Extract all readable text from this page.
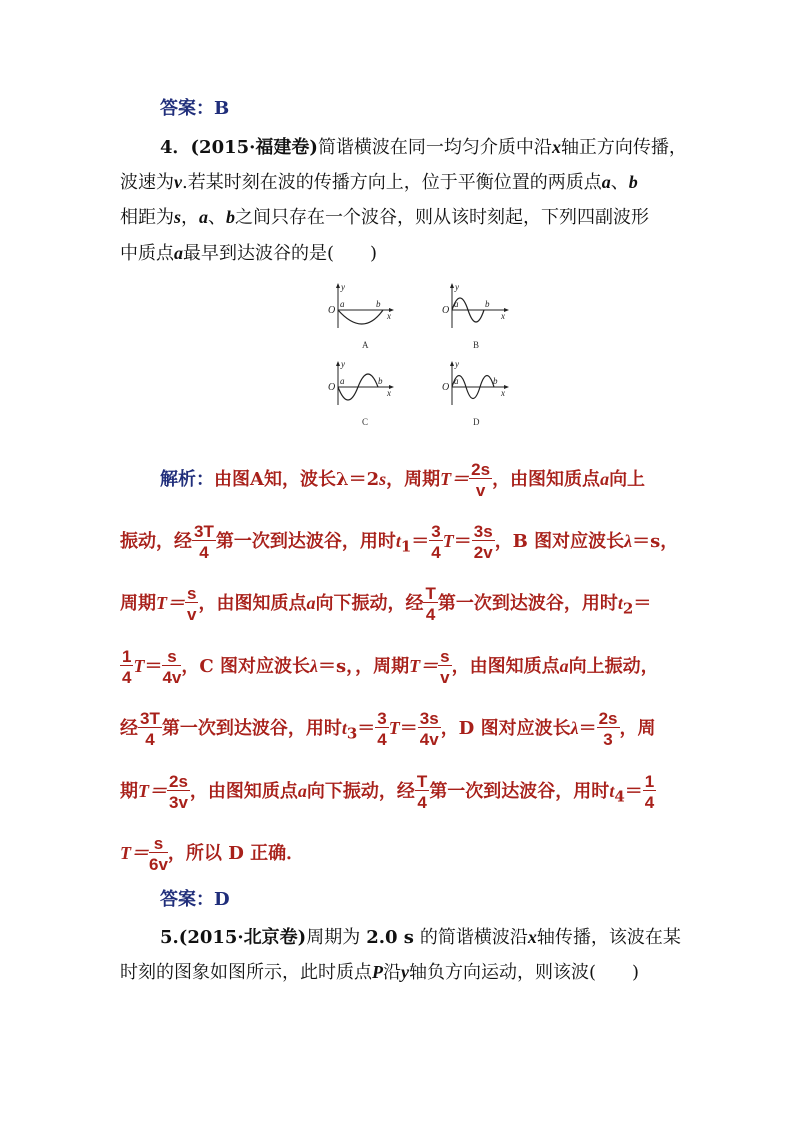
答案：B
4．(2015·福建卷)简谐横波在同一均匀介质中沿x轴正方向传播，
波速为v.若某时刻在波的传播方向上，位于平衡位置的两质点a、b
相距为s，a、b之间只存在一个波谷，则从该时刻起，下列四副波形
中质点a最早到达波谷的是(　　)
y
x
a	b
y
x
a	b
y
x
a	b
y
x
a	b
O	O
O	O
A	B
C	D
解析：由图A知，波长λ＝2s，周期$T= \frac{2s}{v}$ ，由图知质点a向上
振动，经 $\frac{3T}{4}$ 第一次到达波谷，用时$t_1= \frac{3}{4} T= \frac{3s}{2v}$ ，B 图对应波长λ＝s，
周期$T= \frac{s}{v}$ ，由图知质点a向下振动，经 $\frac{T}{4}$ 第一次到达波谷，用时$t_2=$
$\frac{1}{4} T= \frac{s}{4v}$ ，C 图对应波长λ＝s，，周期$T= \frac{s}{v}$ ，由图知质点a向上振动，
经 $\frac{3T}{4}$ 第一次到达波谷，用时$t_3= \frac{3}{4} T= \frac{3s}{4v}$ ，D 图对应波长$\lambda= \frac{2s}{3}$ ，周
期$T= \frac{2s}{3v}$ ，由图知质点a向下振动，经 $\frac{T}{4}$ 第一次到达波谷，用时$t_4= \frac{1}{4}$
$T= \frac{s}{6v}$ ，所以 D 正确．
答案：D
5.(2015·北京卷)周期为 2.0 s 的简谐横波沿x轴传播，该波在某
时刻的图象如图所示，此时质点P沿y轴负方向运动，则该波(　　)
